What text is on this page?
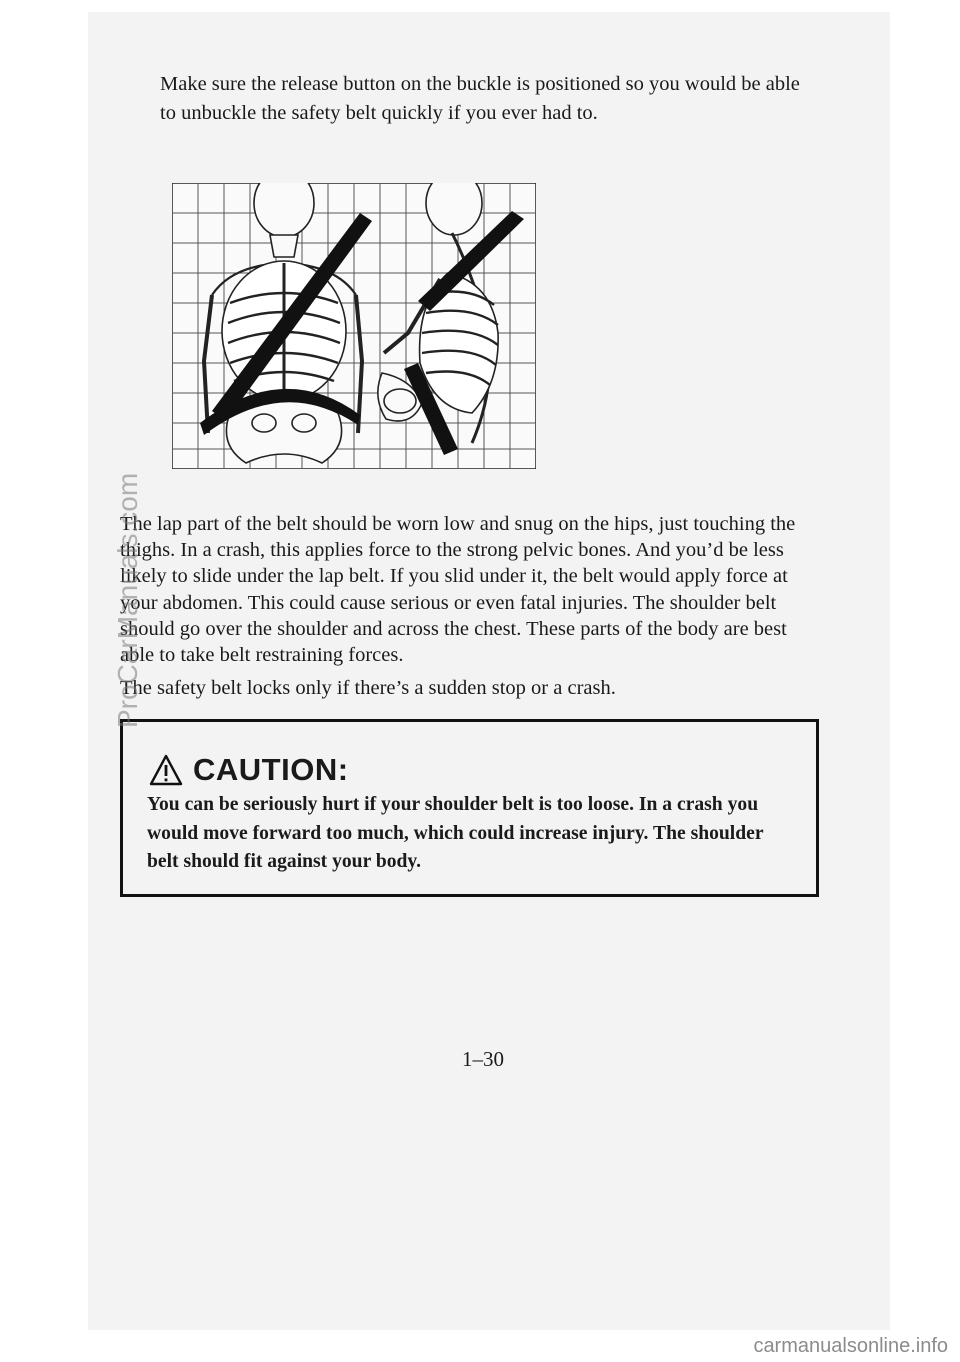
Make sure the release button on the buckle is positioned so you would be able to unbuckle the safety belt quickly if you ever had to.

The lap part of the belt should be worn low and snug on the hips, just touching the thighs. In a crash, this applies force to the strong pelvic bones. And you’d be less likely to slide under the lap belt. If you slid under it, the belt would apply force at your abdomen. This could cause serious or even fatal injuries. The shoulder belt should go over the shoulder and across the chest. These parts of the body are best able to take belt restraining forces.

The safety belt locks only if there’s a sudden stop or a crash.

CAUTION:

You can be seriously hurt if your shoulder belt is too loose. In a crash you would move forward too much, which could increase injury. The shoulder belt should fit against your body.

1–30
ProCarManuals.com
carmanualsonline.info
